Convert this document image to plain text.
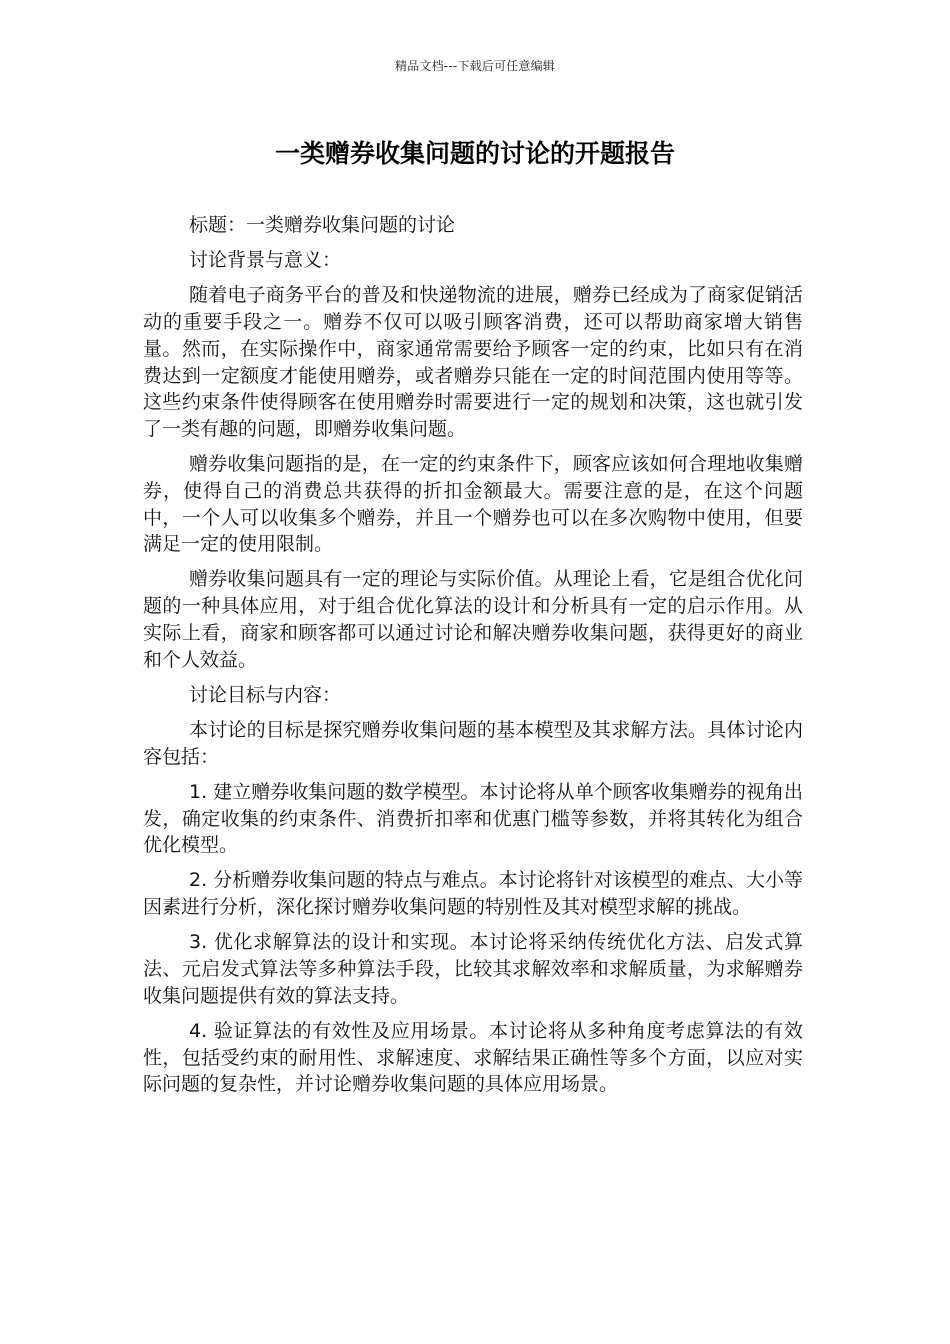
精品文档---下载后可任意编辑
一类赠券收集问题的讨论的开题报告

标题：一类赠券收集问题的讨论

讨论背景与意义：

随着电子商务平台的普及和快递物流的进展，赠券已经成为了商家促销活动的重要手段之一。赠券不仅可以吸引顾客消费，还可以帮助商家增大销售量。然而，在实际操作中，商家通常需要给予顾客一定的约束，比如只有在消费达到一定额度才能使用赠券，或者赠券只能在一定的时间范围内使用等等。这些约束条件使得顾客在使用赠券时需要进行一定的规划和决策，这也就引发了一类有趣的问题，即赠券收集问题。

赠券收集问题指的是，在一定的约束条件下，顾客应该如何合理地收集赠券，使得自己的消费总共获得的折扣金额最大。需要注意的是，在这个问题中，一个人可以收集多个赠券，并且一个赠券也可以在多次购物中使用，但要满足一定的使用限制。

赠券收集问题具有一定的理论与实际价值。从理论上看，它是组合优化问题的一种具体应用，对于组合优化算法的设计和分析具有一定的启示作用。从实际上看，商家和顾客都可以通过讨论和解决赠券收集问题，获得更好的商业和个人效益。

讨论目标与内容：

本讨论的目标是探究赠券收集问题的基本模型及其求解方法。具体讨论内容包括：

1. 建立赠券收集问题的数学模型。本讨论将从单个顾客收集赠券的视角出发，确定收集的约束条件、消费折扣率和优惠门槛等参数，并将其转化为组合优化模型。

2. 分析赠券收集问题的特点与难点。本讨论将针对该模型的难点、大小等因素进行分析，深化探讨赠券收集问题的特别性及其对模型求解的挑战。

3. 优化求解算法的设计和实现。本讨论将采纳传统优化方法、启发式算法、元启发式算法等多种算法手段，比较其求解效率和求解质量，为求解赠券收集问题提供有效的算法支持。

4. 验证算法的有效性及应用场景。本讨论将从多种角度考虑算法的有效性，包括受约束的耐用性、求解速度、求解结果正确性等多个方面，以应对实际问题的复杂性，并讨论赠券收集问题的具体应用场景。
